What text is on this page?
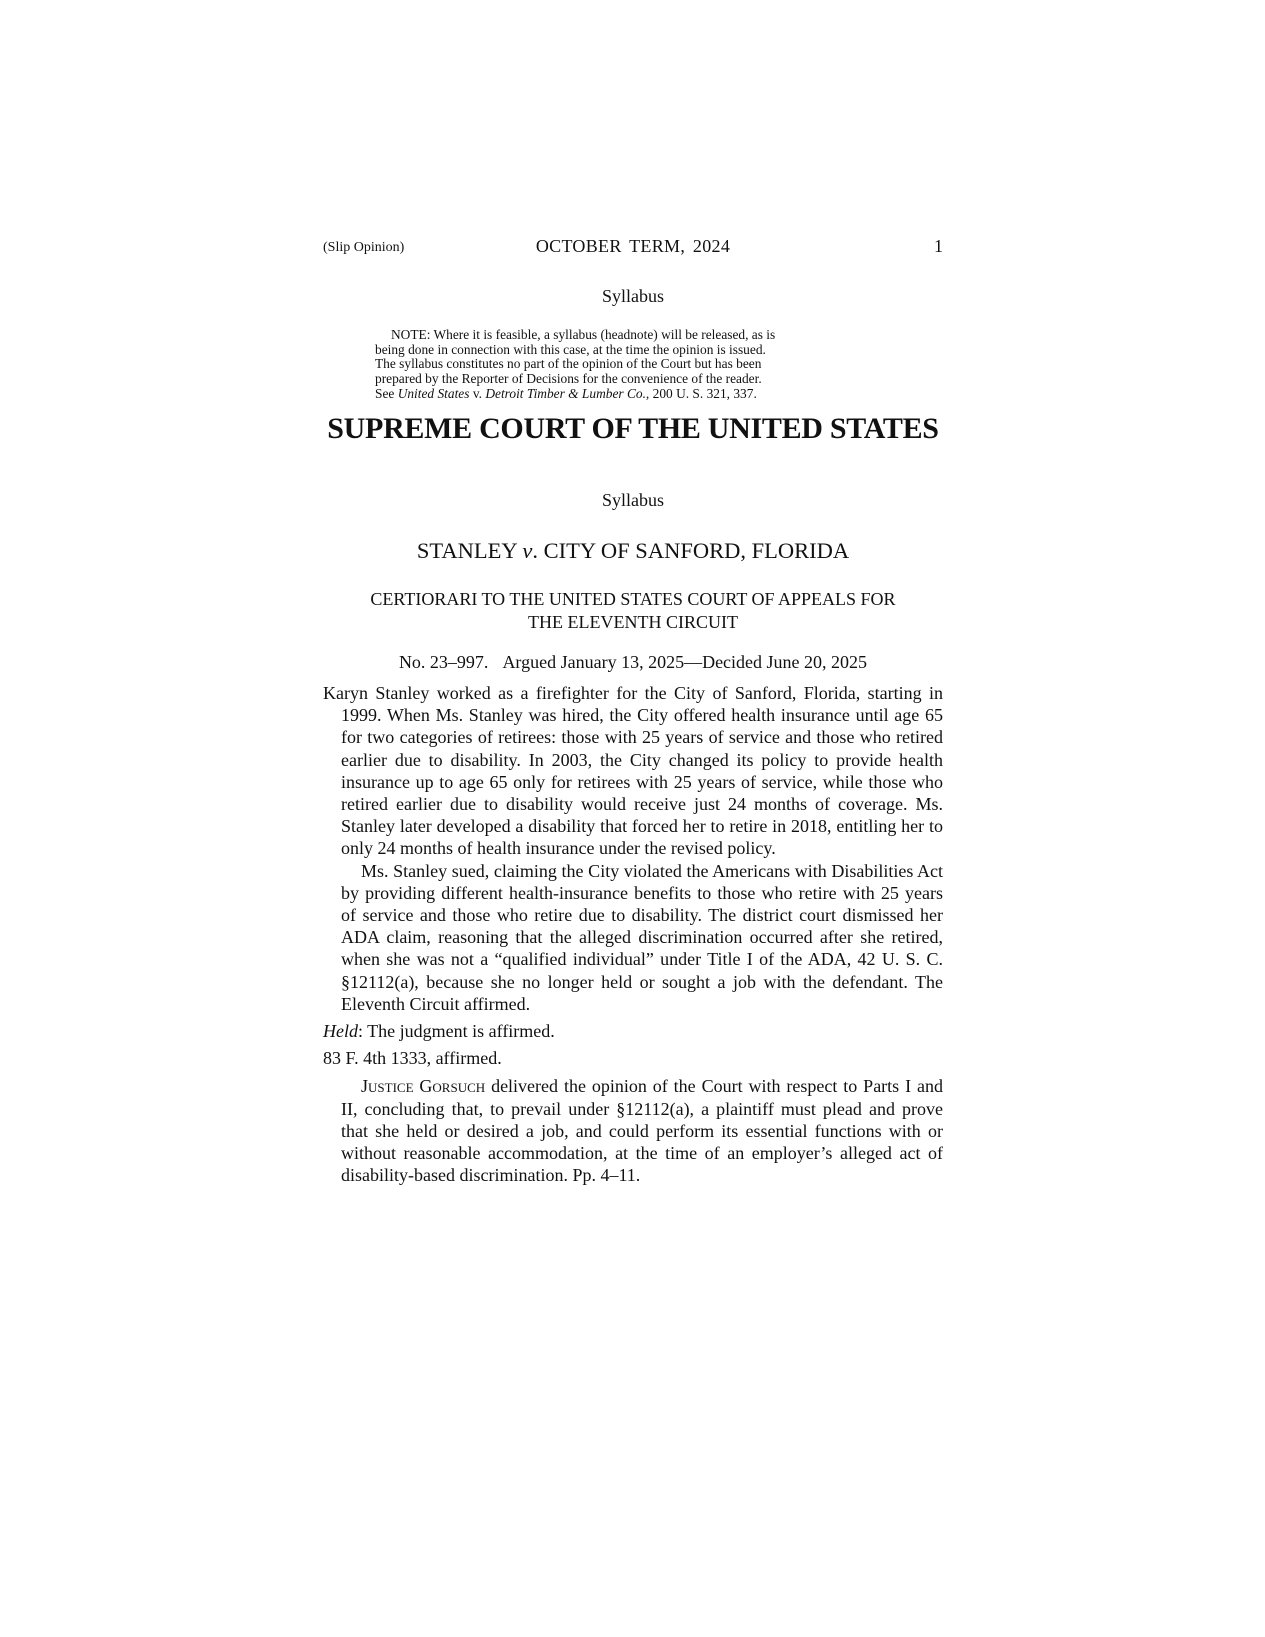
(Slip Opinion)	OCTOBER TERM, 2024	1
Syllabus
NOTE: Where it is feasible, a syllabus (headnote) will be released, as is
being done in connection with this case, at the time the opinion is issued.
The syllabus constitutes no part of the opinion of the Court but has been
prepared by the Reporter of Decisions for the convenience of the reader.
See United States v. Detroit Timber & Lumber Co., 200 U. S. 321, 337.
SUPREME COURT OF THE UNITED STATES
Syllabus
STANLEY v. CITY OF SANFORD, FLORIDA
CERTIORARI TO THE UNITED STATES COURT OF APPEALS FOR
THE ELEVENTH CIRCUIT
No. 23–997. Argued January 13, 2025—Decided June 20, 2025

Karyn Stanley worked as a firefighter for the City of Sanford, Florida, starting in 1999. When Ms. Stanley was hired, the City offered health insurance until age 65 for two categories of retirees: those with 25 years of service and those who retired earlier due to disability. In 2003, the City changed its policy to provide health insurance up to age 65 only for retirees with 25 years of service, while those who retired earlier due to disability would receive just 24 months of coverage. Ms. Stanley later developed a disability that forced her to retire in 2018, entitling her to only 24 months of health insurance under the revised policy.

Ms. Stanley sued, claiming the City violated the Americans with Disabilities Act by providing different health-insurance benefits to those who retire with 25 years of service and those who retire due to disability. The district court dismissed her ADA claim, reasoning that the alleged discrimination occurred after she retired, when she was not a “qualified individual” under Title I of the ADA, 42 U. S. C. §12112(a), because she no longer held or sought a job with the defendant. The Eleventh Circuit affirmed.

Held: The judgment is affirmed.

83 F. 4th 1333, affirmed.

Justice Gorsuch delivered the opinion of the Court with respect to Parts I and II, concluding that, to prevail under §12112(a), a plaintiff must plead and prove that she held or desired a job, and could perform its essential functions with or without reasonable accommodation, at the time of an employer’s alleged act of disability-based discrimination. Pp. 4–11.
